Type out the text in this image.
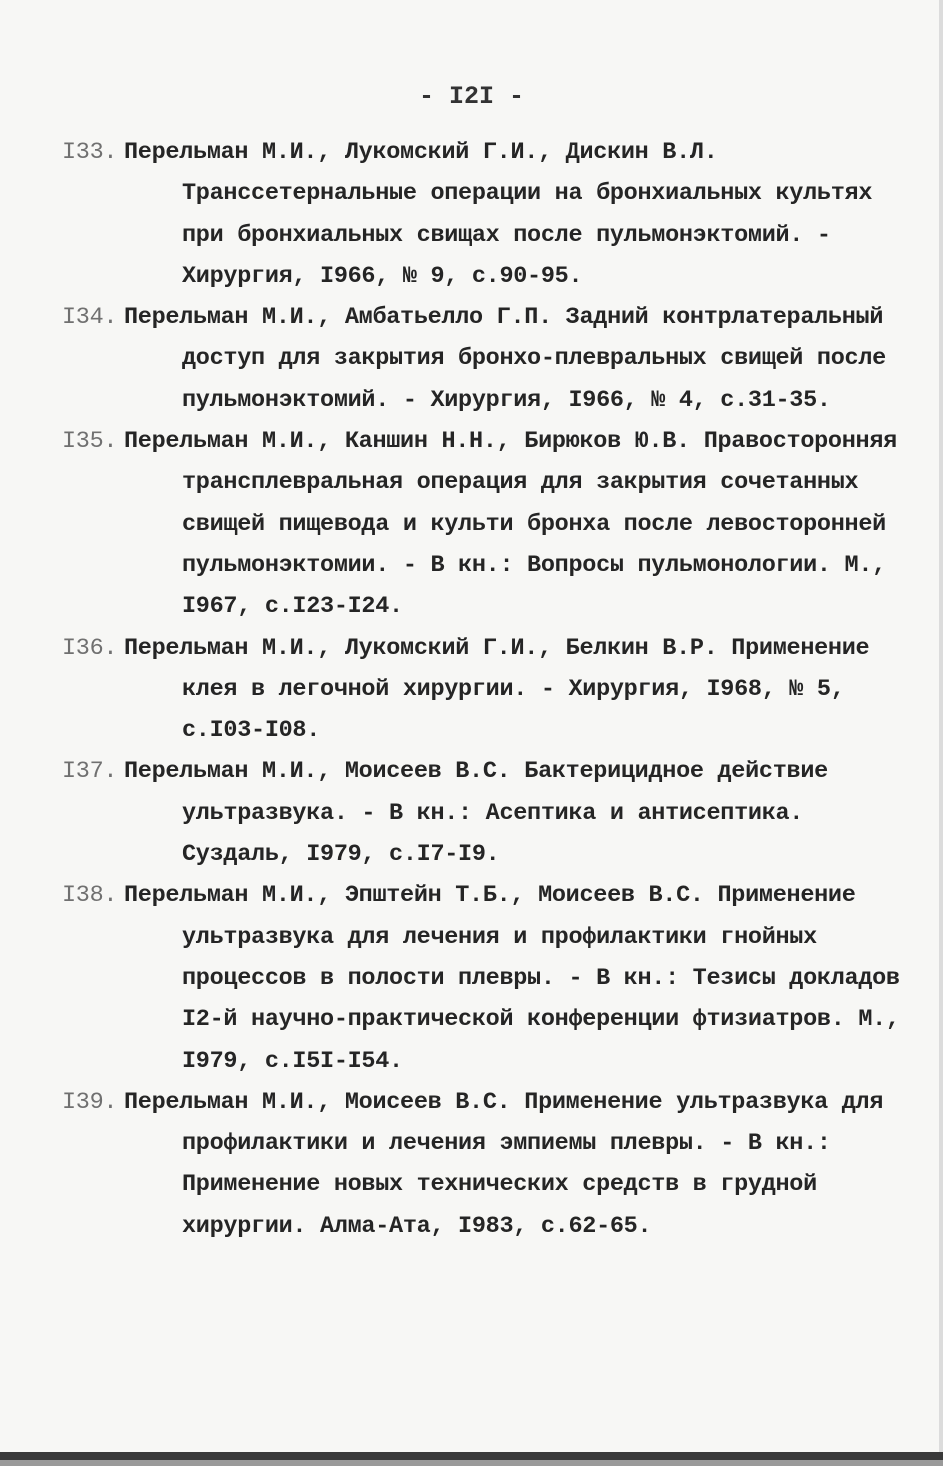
- I2I -

I33. Перельман М.И., Лукомский Г.И., Дискин В.Л. Транссетернальные операции на бронхиальных культях при бронхиальных свищах после пульмонэктомий. - Хирургия, I966, № 9, с.90-95.

I34. Перельман М.И., Амбатьелло Г.П. Задний контрлатеральный доступ для закрытия бронхо-плевральных свищей после пульмонэктомий. - Хирургия, I966, № 4, с.31-35.

I35. Перельман М.И., Каншин Н.Н., Бирюков Ю.В. Правосторонняя трансплевральная операция для закрытия сочетанных свищей пищевода и культи бронха после левосторонней пульмонэктомии. - В кн.: Вопросы пульмонологии. М., I967, с.I23-I24.

I36. Перельман М.И., Лукомский Г.И., Белкин В.Р. Применение клея в легочной хирургии. - Хирургия, I968, № 5, с.I03-I08.

I37. Перельман М.И., Моисеев В.С. Бактерицидное действие ультразвука. - В кн.: Асептика и антисептика. Суздаль, I979, с.I7-I9.

I38. Перельман М.И., Эпштейн Т.Б., Моисеев В.С. Применение ультразвука для лечения и профилактики гнойных процессов в полости плевры. - В кн.: Тезисы докладов I2-й научно-практической конференции фтизиатров. М., I979, с.I5I-I54.

I39. Перельман М.И., Моисеев В.С. Применение ультразвука для профилактики и лечения эмпиемы плевры. - В кн.: Применение новых технических средств в грудной хирургии. Алма-Ата, I983, с.62-65.
